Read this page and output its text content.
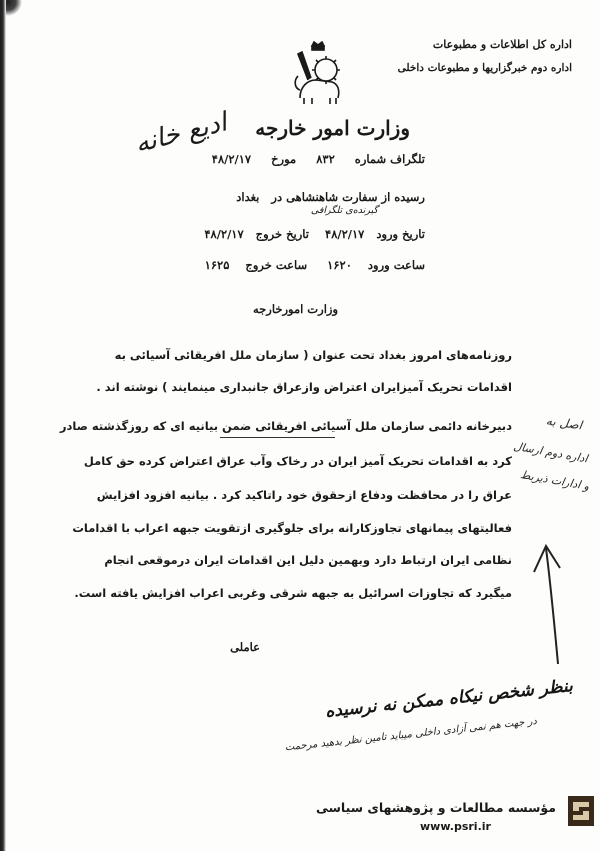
اداره کل اطلاعات و مطبوعات
اداره دوم خبرگزاریها و مطبوعات داخلی
وزارت امور خارجه
ادیع خانه	تلگراف شماره     ۸۳۲     مورخ     ۴۸/۲/۱۷
رسیده از سفارت شاهنشاهی در   بغداد
گیرنده‌ی تلگرافی
تاریخ ورود   ۴۸/۲/۱۷    تاریخ خروج   ۴۸/۲/۱۷
ساعت ورود    ۱۶۲۰     ساعت خروج    ۱۶۲۵
وزارت امورخارجه
روزنامه‌های امروز بغداد تحت عنوان ( سازمان ملل افریقائی آسیائی به
اقدامات تحریک آمیزایران اعتراض وازعراق جانبداری مینمایند ) نوشته اند .
دبیرخانه دائمی سازمان ملل آسیائی افریقائی ضمن بیانیه ای که روزگذشته صادر
کرد به اقدامات تحریک آمیز ایران در رخاک وآب عراق اعتراض کرده حق کامل
عراق را در محافظت ودفاع ازحقوق خود راتاکید کرد . بیانیه افزود افزایش
فعالیتهای پیمانهای تجاوزکارانه برای جلوگیری ازتقویت جبهه اعراب با اقدامات
نظامی ایران ارتباط دارد وبهمین دلیل این اقدامات ایران درموقعی انجام
میگیرد که تجاوزات اسرائیل به جبهه شرقی وغربی اعراب افزایش یافته است.
عاملی
اصل به
اداره دوم ارسال
و ادارات ذیربط
بنظر شخص نیکاه ممکن نه نرسیده
در جهت هم نمی آزادی داخلی میباید تامین نظر بدهید مرحمت
مؤسسه مطالعات و پژوهشهای سیاسی
www.psri.ir
